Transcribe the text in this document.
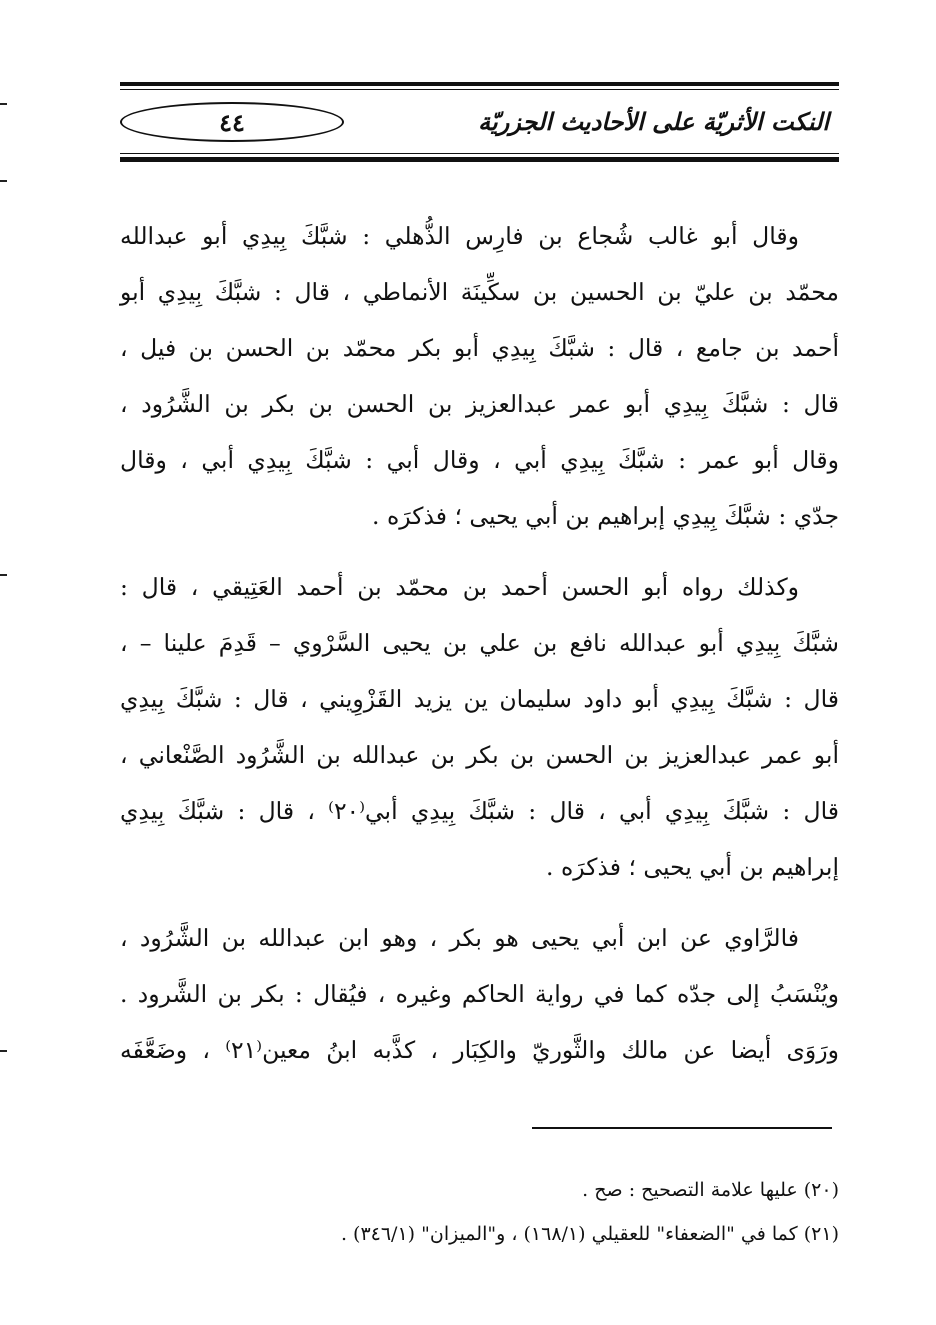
٤٤	النكت الأثريّة على الأحاديث الجزريّة
وقال أبو غالب شُجاع بن فارِس الذُّهلي : شبَّكَ بِيدِي أبو عبدالله
محمّد بن عليّ بن الحسين بن سكِّينَة الأنماطي ، قال : شبَّكَ بِيدِي أبو
أحمد بن جامع ، قال : شبَّكَ بِيدِي أبو بكر محمّد بن الحسن بن فيل ،
قال : شبَّكَ بِيدِي أبو عمر عبدالعزيز بن الحسن بن بكر بن الشَّرُود ،
وقال أبو عمر : شبَّكَ بِيدِي أبي ، وقال أبي : شبَّكَ بِيدِي أبي ، وقال
جدّي : شبَّكَ بِيدِي إبراهيم بن أبي يحيى ؛ فذكرَه .
وكذلك رواه أبو الحسن أحمد بن محمّد بن أحمد العَتِيقي ، قال :
شبَّكَ بِيدِي أبو عبدالله نافع بن علي بن يحيى السَّرْوي – قَدِمَ علينا – ،
قال : شبَّكَ بِيدِي أبو داود سليمان ين يزيد القَزْوِيني ، قال : شبَّكَ بِيدِي
أبو عمر عبدالعزيز بن الحسن بن بكر بن عبدالله بن الشَّرُود الصَّنْعاني ،
قال : شبَّكَ بِيدِي أبي ، قال : شبَّكَ بِيدِي أبي⁽٢٠⁾ ، قال : شبَّكَ بِيدِي
إبراهيم بن أبي يحيى ؛ فذكرَه .
فالرَّاوي عن ابن أبي يحيى هو بكر ، وهو ابن عبدالله بن الشَّرُود ،
ويُنْسَبُ إلى جدّه كما في رواية الحاكم وغيره ، فيُقال : بكر بن الشَّرود .
ورَوَى أيضا عن مالك والثَّوريّ والكِبَار ، كذَّبه ابنُ معين⁽٢١⁾ ، وضَعَّفَه
(٢٠) عليها علامة التصحيح : صح .
(٢١) كما في "الضعفاء" للعقيلي (١٦٨/١) ، و"الميزان" (٣٤٦/١) .
